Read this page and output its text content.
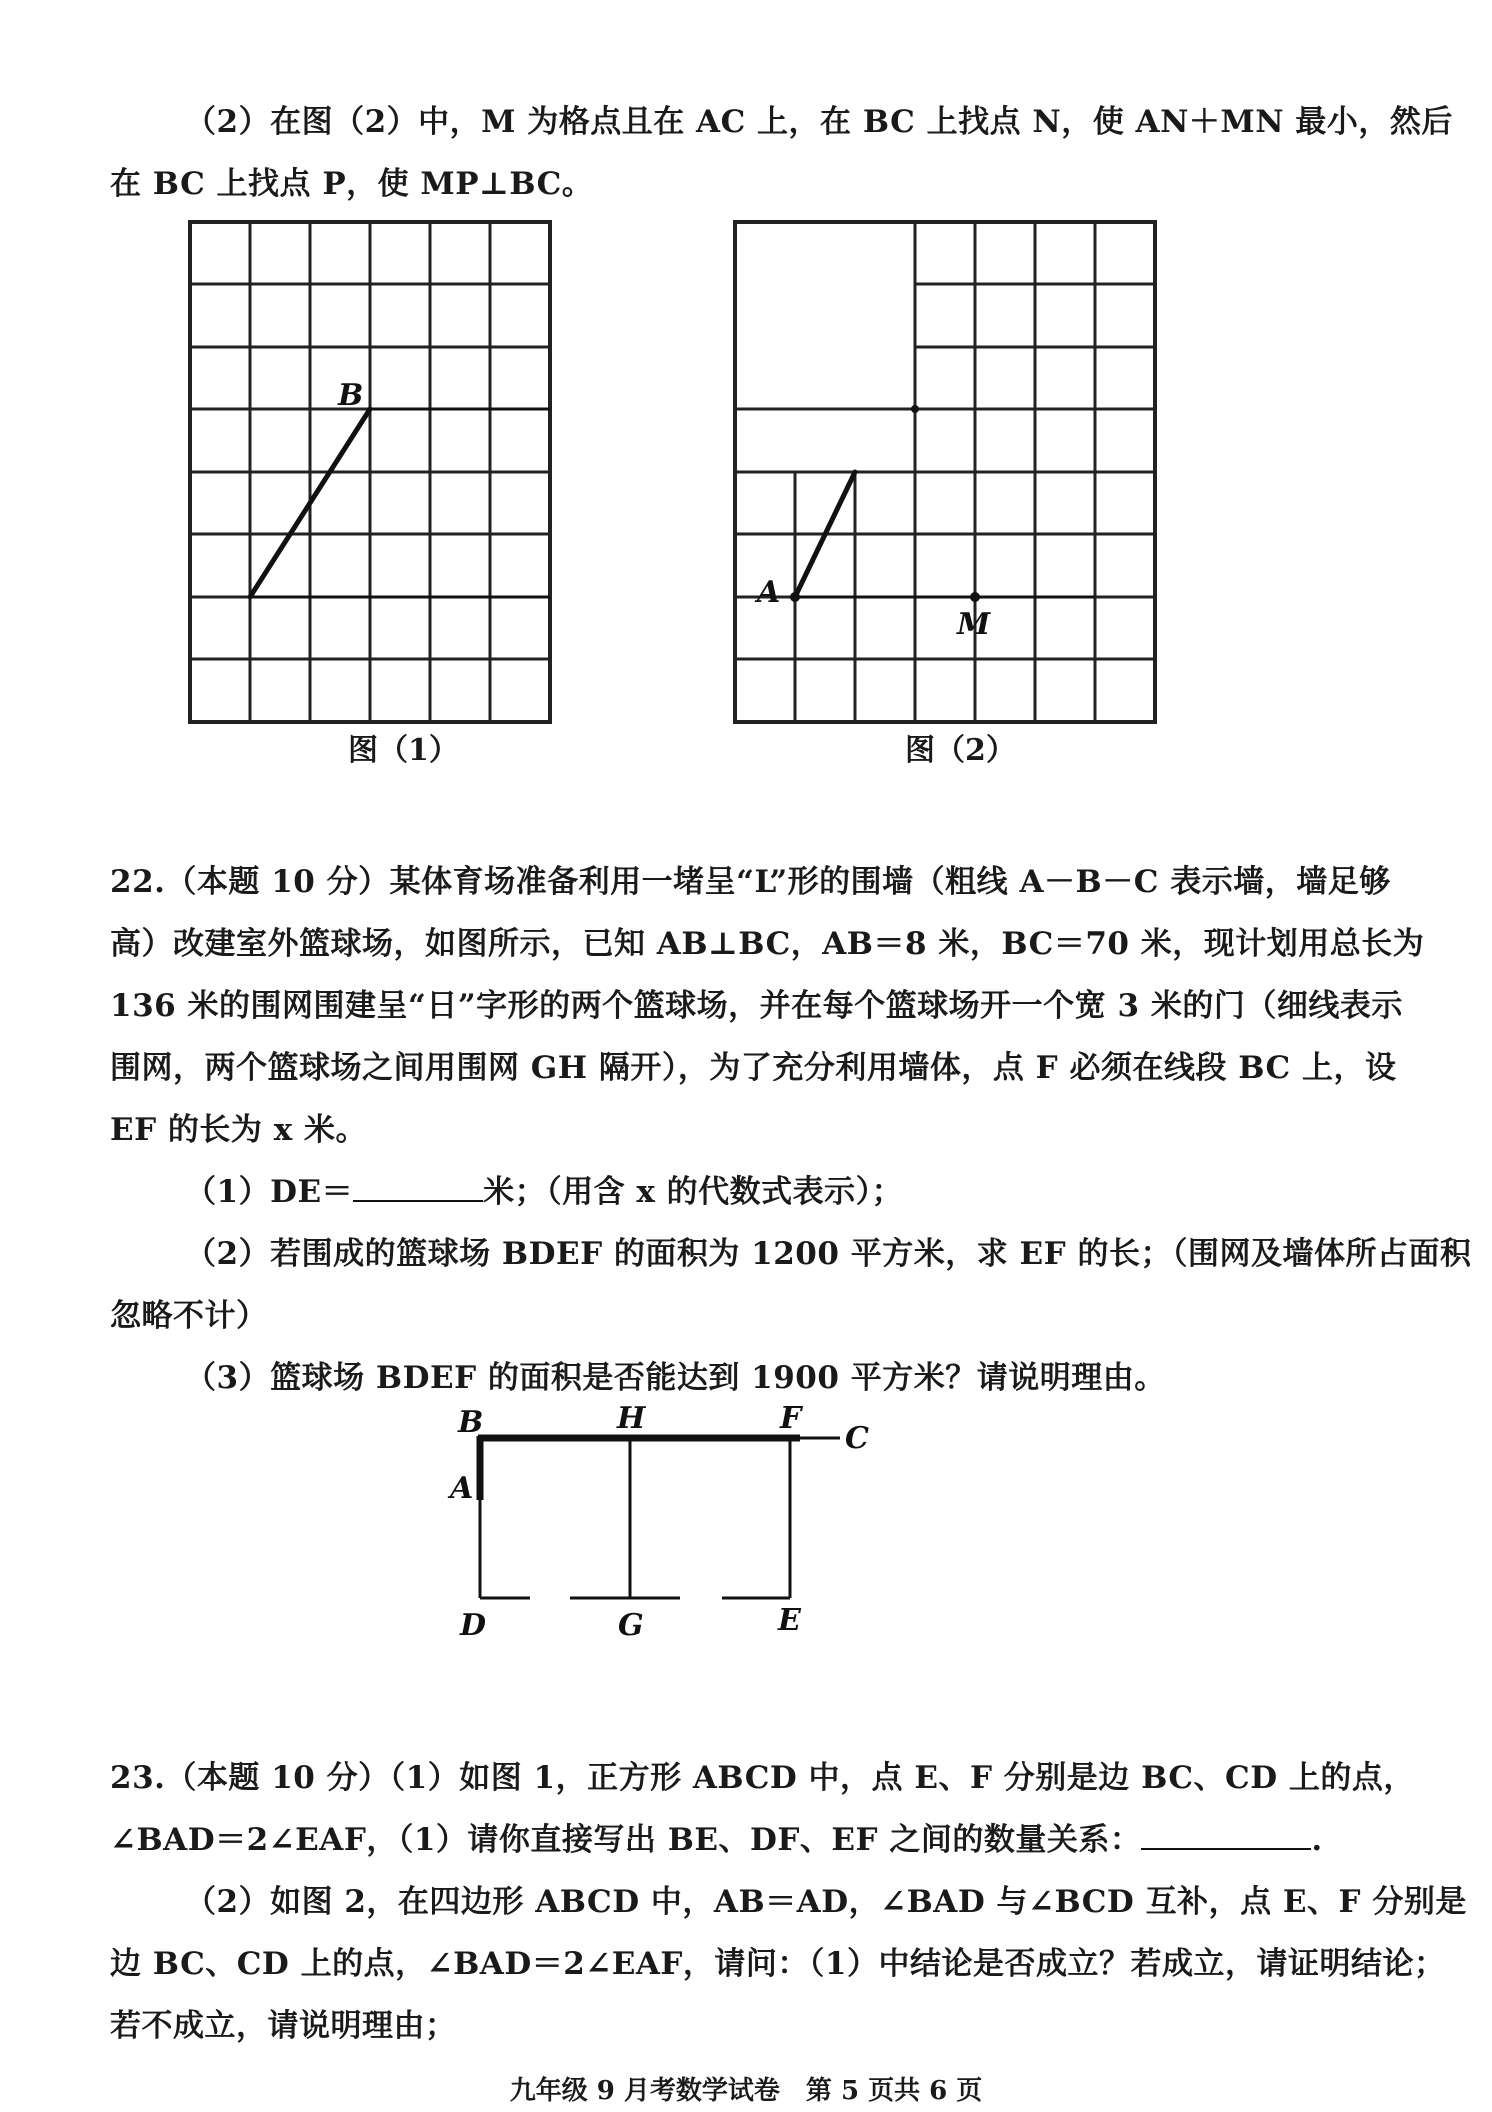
（2）在图（2）中，M 为格点且在 AC 上，在 BC 上找点 N，使 AN＋MN 最小，然后
在 BC 上找点 P，使 MP⊥BC。
B
图（1）
A
M
图（2）
22.（本题 10 分）某体育场准备利用一堵呈“L”形的围墙（粗线 A－B－C 表示墙，墙足够
高）改建室外篮球场，如图所示，已知 AB⊥BC，AB＝8 米，BC＝70 米，现计划用总长为
136 米的围网围建呈“日”字形的两个篮球场，并在每个篮球场开一个宽 3 米的门（细线表示
围网，两个篮球场之间用围网 GH 隔开），为了充分利用墙体，点 F 必须在线段 BC 上，设
EF 的长为 x 米。
（1）DE＝	米；（用含 x 的代数式表示）；
（2）若围成的篮球场 BDEF 的面积为 1200 平方米，求 EF 的长；（围网及墙体所占面积
忽略不计）
（3）篮球场 BDEF 的面积是否能达到 1900 平方米？请说明理由。
B	H	F
C
A
D	G	E
23.（本题 10 分）（1）如图 1，正方形 ABCD 中，点 E、F 分别是边 BC、CD 上的点，
∠BAD＝2∠EAF，（1）请你直接写出 BE、DF、EF 之间的数量关系：	.
（2）如图 2，在四边形 ABCD 中，AB＝AD，∠BAD 与∠BCD 互补，点 E、F 分别是
边 BC、CD 上的点，∠BAD＝2∠EAF，请问：（1）中结论是否成立？若成立，请证明结论；
若不成立，请说明理由；
九年级 9 月考数学试卷　第 5 页共 6 页
